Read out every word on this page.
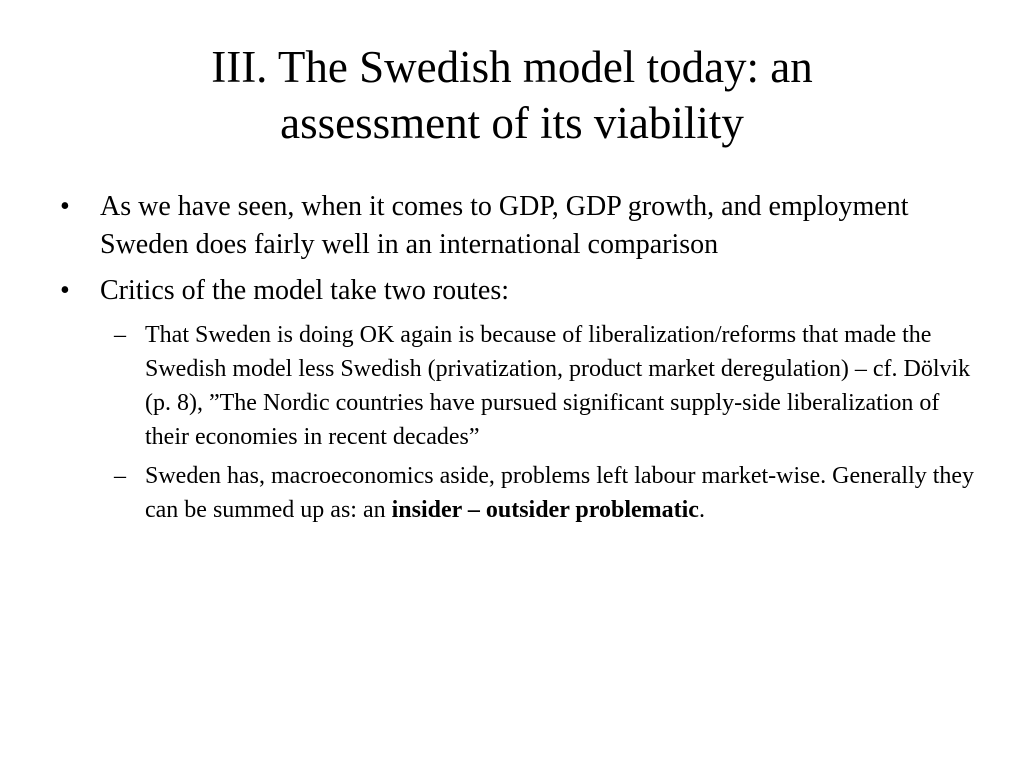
III. The Swedish model today: an
assessment of its viability
• As we have seen, when it comes to GDP, GDP growth, and employment Sweden does fairly well in an international comparison
• Critics of the model take two routes:
– That Sweden is doing OK again is because of liberalization/reforms that made the Swedish model less Swedish (privatization, product market deregulation) – cf. Dölvik (p. 8), ”The Nordic countries have pursued significant supply-side liberalization of their economies in recent decades”
– Sweden has, macroeconomics aside, problems left labour market-wise. Generally they can be summed up as: an insider – outsider problematic.
